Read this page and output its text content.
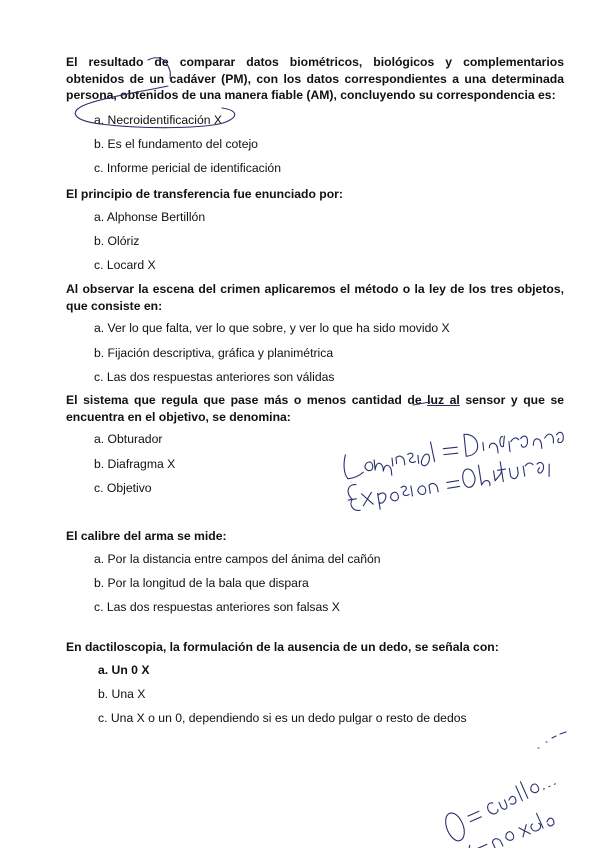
El resultado de comparar datos biométricos, biológicos y complementarios obtenidos de un cadáver (PM), con los datos correspondientes a una determinada persona, obtenidos de una manera fiable (AM), concluyendo su correspondencia es:
a. Necroidentificación X
b. Es el fundamento del cotejo
c. Informe pericial de identificación
El principio de transferencia fue enunciado por:
a. Alphonse Bertillón
b. Olóriz
c. Locard X
Al observar la escena del crimen aplicaremos el método o la ley de los tres objetos, que consiste en:
a. Ver lo que falta, ver lo que sobre, y ver lo que ha sido movido X
b. Fijación descriptiva, gráfica y planimétrica
c. Las dos respuestas anteriores son válidas
El sistema que regula que pase más o menos cantidad de luz al sensor y que se encuentra en el objetivo, se denomina:
a. Obturador
b. Diafragma X
c. Objetivo
El calibre del arma se mide:
a. Por la distancia entre campos del ánima del cañón
b. Por la longitud de la bala que dispara
c. Las dos respuestas anteriores son falsas X
En dactiloscopia, la formulación de la ausencia de un dedo, se señala con:
a. Un 0 X
b. Una X
c. Una X o un 0, dependiendo si es un dedo pulgar o resto de dedos
